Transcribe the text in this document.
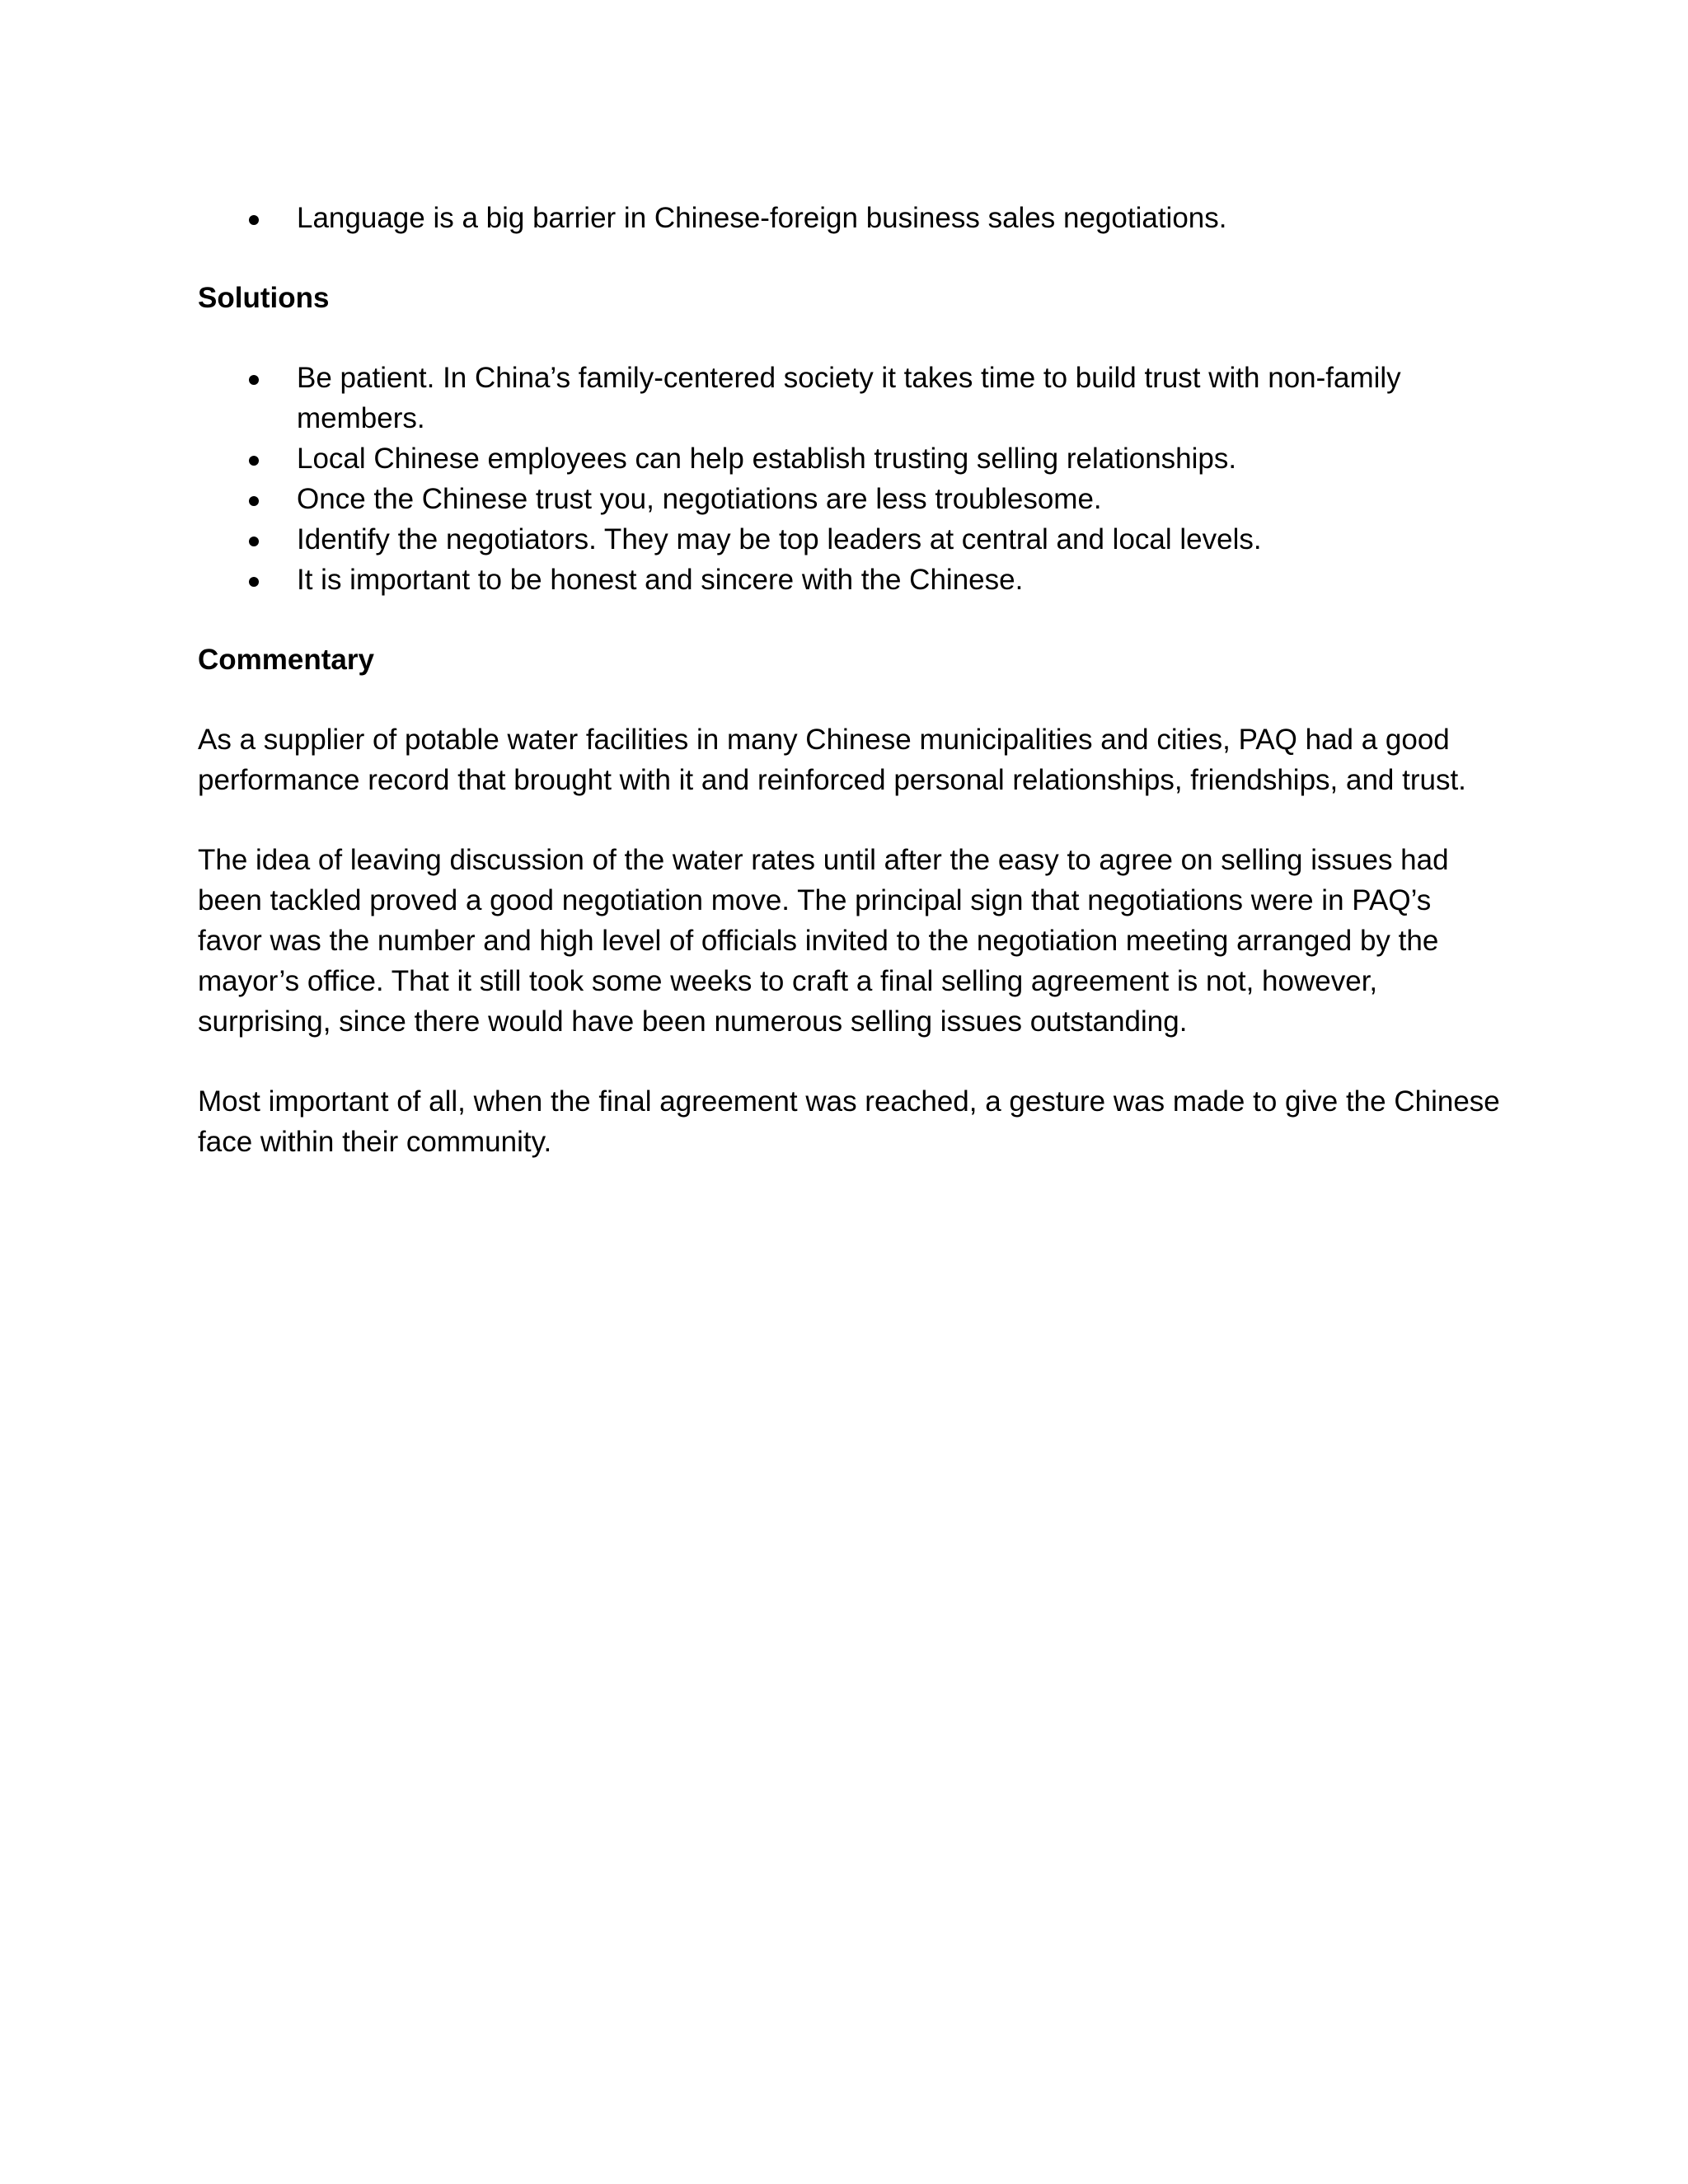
Language is a big barrier in Chinese-foreign business sales negotiations.
Solutions
Be patient. In China’s family-centered society it takes time to build trust with non-family members.
Local Chinese employees can help establish trusting selling relationships.
Once the Chinese trust you, negotiations are less troublesome.
Identify the negotiators. They may be top leaders at central and local levels.
It is important to be honest and sincere with the Chinese.
Commentary

As a supplier of potable water facilities in many Chinese municipalities and cities, PAQ had a good performance record that brought with it and reinforced personal relationships, friendships, and trust.

The idea of leaving discussion of the water rates until after the easy to agree on selling issues had been tackled proved a good negotiation move. The principal sign that negotiations were in PAQ’s favor was the number and high level of officials invited to the negotiation meeting arranged by the mayor’s office. That it still took some weeks to craft a final selling agreement is not, however, surprising, since there would have been numerous selling issues outstanding.

Most important of all, when the final agreement was reached, a gesture was made to give the Chinese face within their community.
